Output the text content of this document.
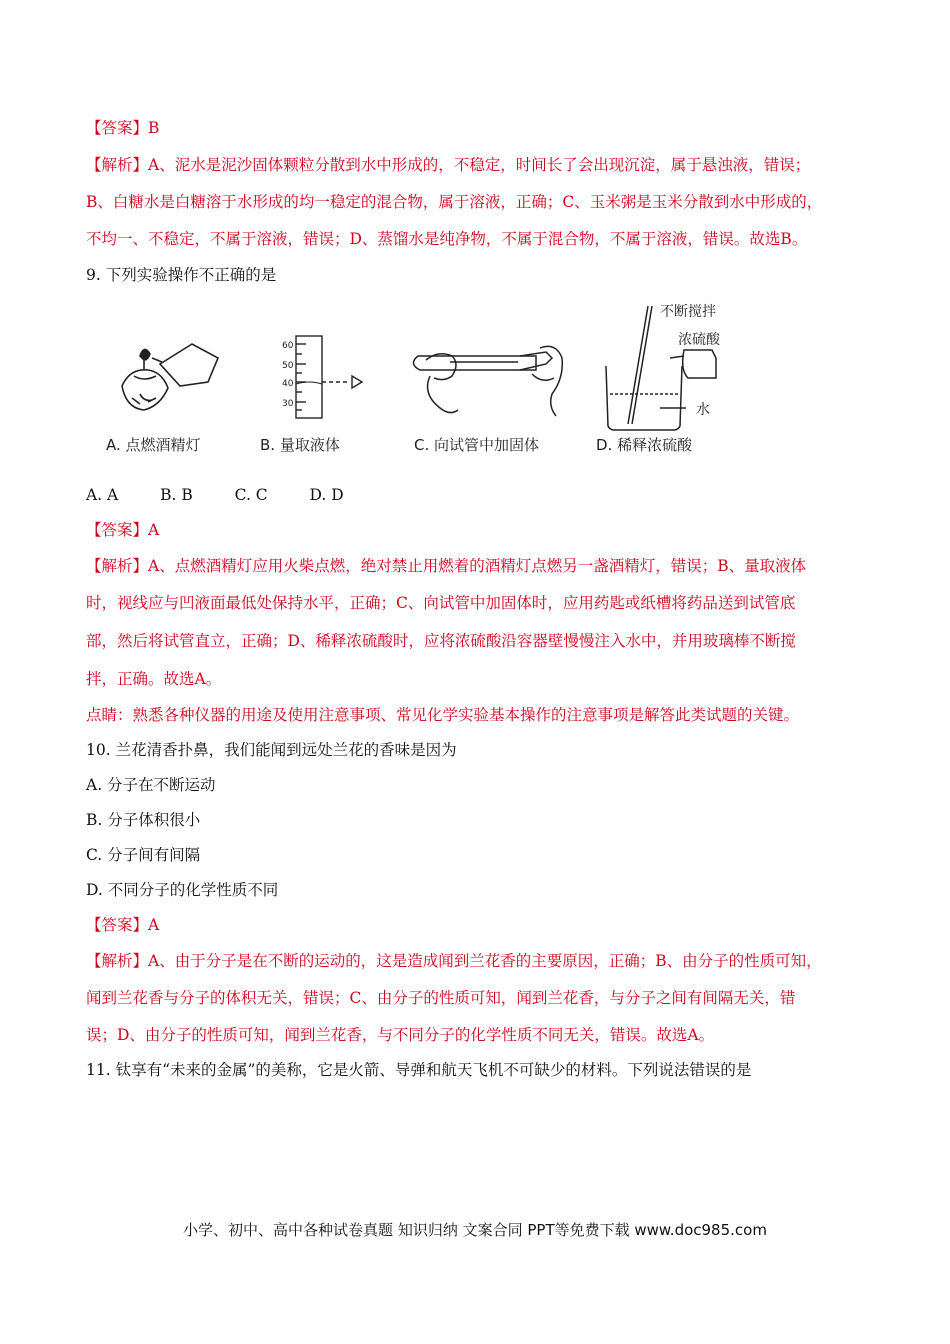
【答案】B
【解析】A、泥水是泥沙固体颗粒分散到水中形成的，不稳定，时间长了会出现沉淀，属于悬浊液，错误；
B、白糖水是白糖溶于水形成的均一稳定的混合物，属于溶液，正确；C、玉米粥是玉米分散到水中形成的，
不均一、不稳定，不属于溶液，错误；D、蒸馏水是纯净物，不属于混合物，不属于溶液，错误。故选B。
9. 下列实验操作不正确的是
60
50
40
30
不断搅拌
浓硫酸
水
A. 点燃酒精灯	B. 量取液体	C. 向试管中加固体	D. 稀释浓硫酸
A. A	B. B	C. C	D. D
【答案】A
【解析】A、点燃酒精灯应用火柴点燃，绝对禁止用燃着的酒精灯点燃另一盏酒精灯，错误；B、量取液体
时，视线应与凹液面最低处保持水平，正确；C、向试管中加固体时，应用药匙或纸槽将药品送到试管底
部，然后将试管直立，正确；D、稀释浓硫酸时，应将浓硫酸沿容器壁慢慢注入水中，并用玻璃棒不断搅
拌，正确。故选A。
点睛：熟悉各种仪器的用途及使用注意事项、常见化学实验基本操作的注意事项是解答此类试题的关键。
10. 兰花清香扑鼻，我们能闻到远处兰花的香味是因为
A. 分子在不断运动
B. 分子体积很小
C. 分子间有间隔
D. 不同分子的化学性质不同
【答案】A
【解析】A、由于分子是在不断的运动的，这是造成闻到兰花香的主要原因，正确；B、由分子的性质可知，
闻到兰花香与分子的体积无关，错误；C、由分子的性质可知，闻到兰花香，与分子之间有间隔无关，错
误；D、由分子的性质可知，闻到兰花香，与不同分子的化学性质不同无关，错误。故选A。
11. 钛享有“未来的金属”的美称，它是火箭、导弹和航天飞机不可缺少的材料。下列说法错误的是
小学、初中、高中各种试卷真题 知识归纳 文案合同 PPT等免费下载 www.doc985.com
